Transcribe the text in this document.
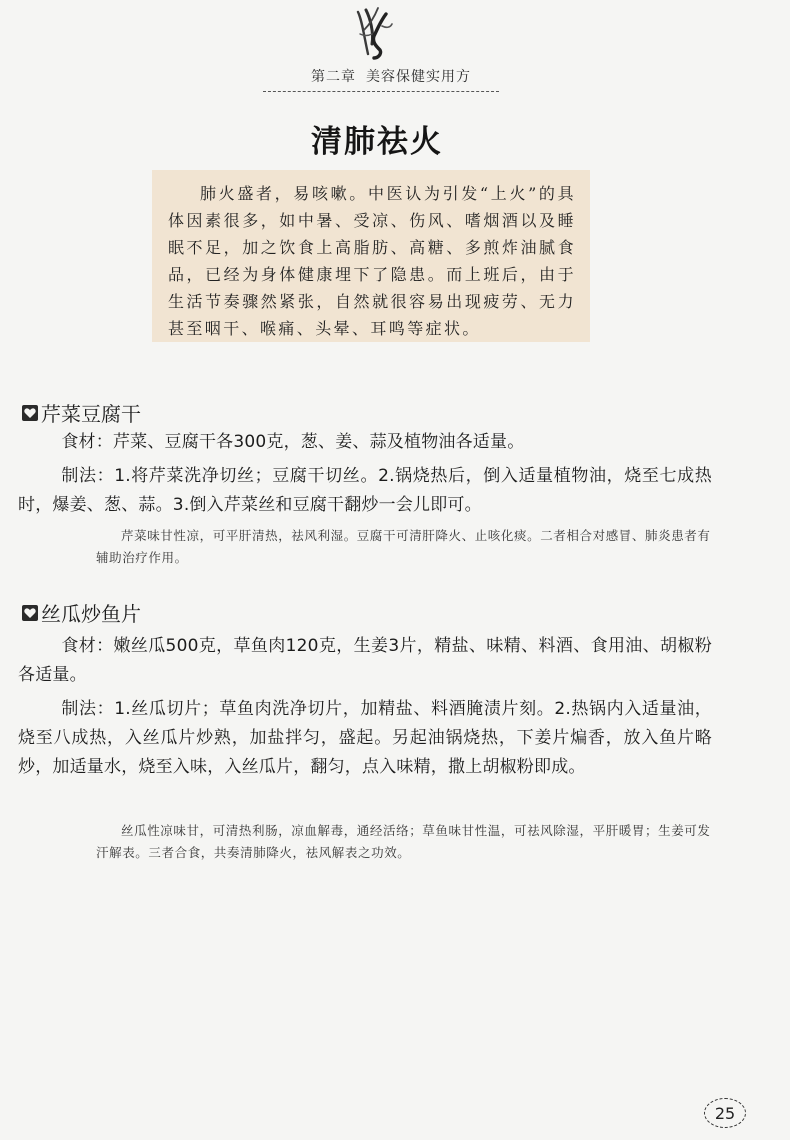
第二章 美容保健实用方
清肺祛火
肺火盛者，易咳嗽。中医认为引发“上火”的具体因素很多，如中暑、受凉、伤风、嗜烟酒以及睡眠不足，加之饮食上高脂肪、高糖、多煎炸油腻食品，已经为身体健康埋下了隐患。而上班后，由于生活节奏骤然紧张，自然就很容易出现疲劳、无力甚至咽干、喉痛、头晕、耳鸣等症状。
芹菜豆腐干
食材：芹菜、豆腐干各300克，葱、姜、蒜及植物油各适量。
制法：1.将芹菜洗净切丝；豆腐干切丝。2.锅烧热后，倒入适量植物油，烧至七成热时，爆姜、葱、蒜。3.倒入芹菜丝和豆腐干翻炒一会儿即可。
芹菜味甘性凉，可平肝清热，祛风利湿。豆腐干可清肝降火、止咳化痰。二者相合对感冒、肺炎患者有辅助治疗作用。
丝瓜炒鱼片
食材：嫩丝瓜500克，草鱼肉120克，生姜3片，精盐、味精、料酒、食用油、胡椒粉各适量。
制法：1.丝瓜切片；草鱼肉洗净切片，加精盐、料酒腌渍片刻。2.热锅内入适量油，烧至八成热，入丝瓜片炒熟，加盐拌匀，盛起。另起油锅烧热，下姜片煸香，放入鱼片略炒，加适量水，烧至入味，入丝瓜片，翻匀，点入味精，撒上胡椒粉即成。
丝瓜性凉味甘，可清热利肠，凉血解毒，通经活络；草鱼味甘性温，可祛风除湿，平肝暖胃；生姜可发汗解表。三者合食，共奏清肺降火，祛风解表之功效。
25
